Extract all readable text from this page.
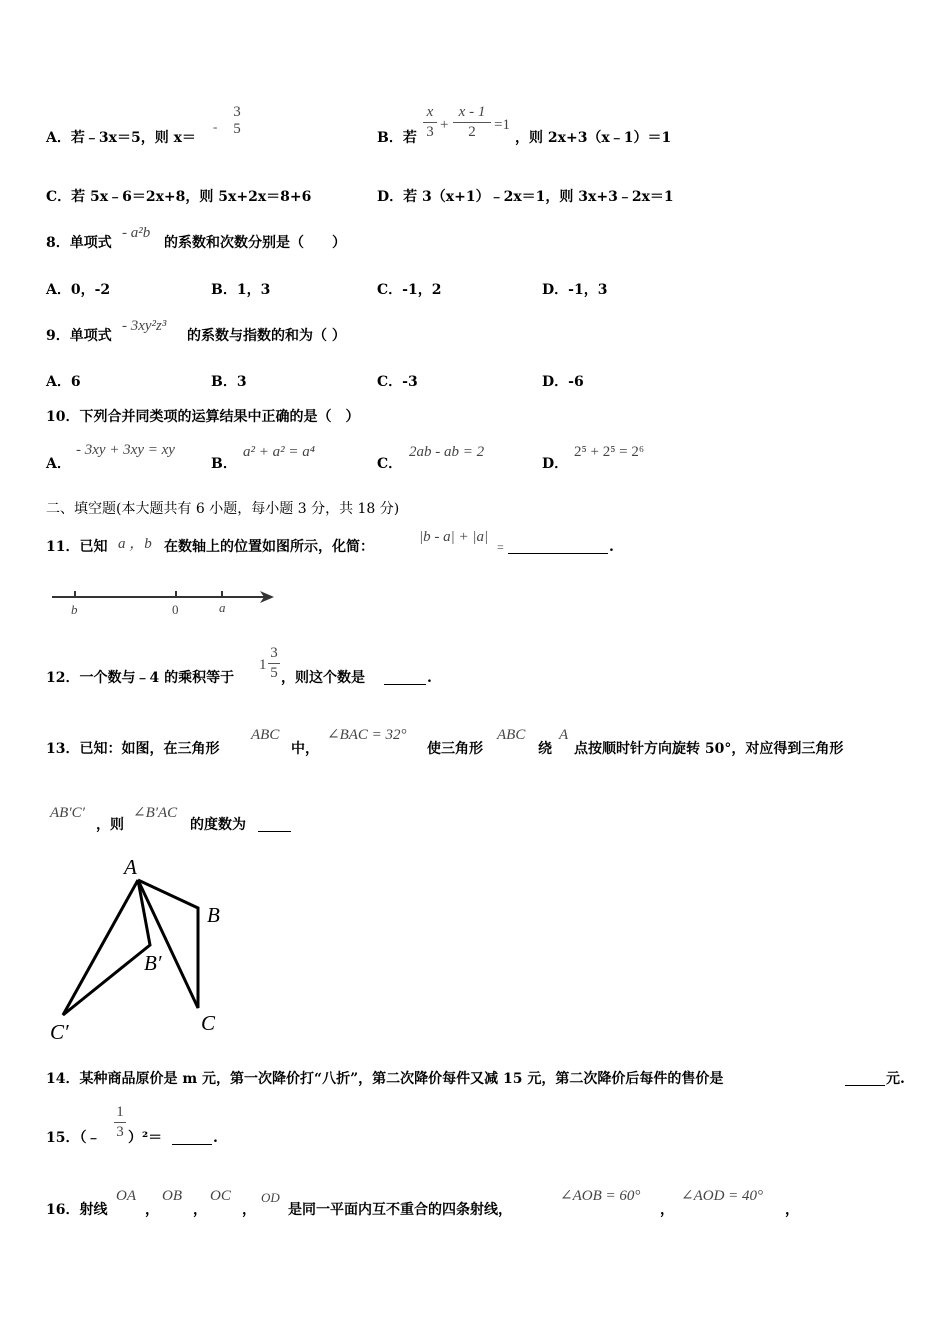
A．若﹣3x＝5，则 x＝
-
3
5
B．若
x
3 +
x - 1
2 =1
，则 2x+3（x﹣1）＝1
C．若 5x﹣6＝2x+8，则 5x+2x＝8+6	D．若 3（x+1）﹣2x＝1，则 3x+3﹣2x＝1
8．单项式
- a²b
的系数和次数分别是（　　）
A．0，-2	B．1，3	C．-1，2	D．-1，3
9．单项式
- 3xy²z³
的系数与指数的和为（ ）
A．6	B．3	C．-3	D．-6
10．下列合并同类项的运算结果中正确的是（　）
A．
- 3xy + 3xy = xy
B．
a² + a² = a⁴
C．
2ab - ab = 2
D．
2⁵ + 2⁵ = 2⁶
二、填空题(本大题共有 6 小题，每小题 3 分，共 18 分)
11．已知 a ，b 在数轴上的位置如图所示，化简：
|b - a| + |a|
=	.
b	0	a
12．一个数与﹣4 的乘积等于
1
3
5 ，则这个数是	.
13．已知：如图，在三角形
ABC
中，
∠BAC = 32°
使三角形
ABC
绕
A
点按顺时针方向旋转 50°，对应得到三角形
AB′C′
，则
∠B′AC
的度数为
A
B
B′
C
C′
14．某种商品原价是 m 元，第一次降价打“八折”，第二次降价每件又减 15 元，第二次降价后每件的售价是	元.
15．（﹣
1
3 ）²＝	.
16．射线
OA
，
OB
，
OC
，
OD
是同一平面内互不重合的四条射线，
∠AOB = 60°
，
∠AOD = 40°
，
